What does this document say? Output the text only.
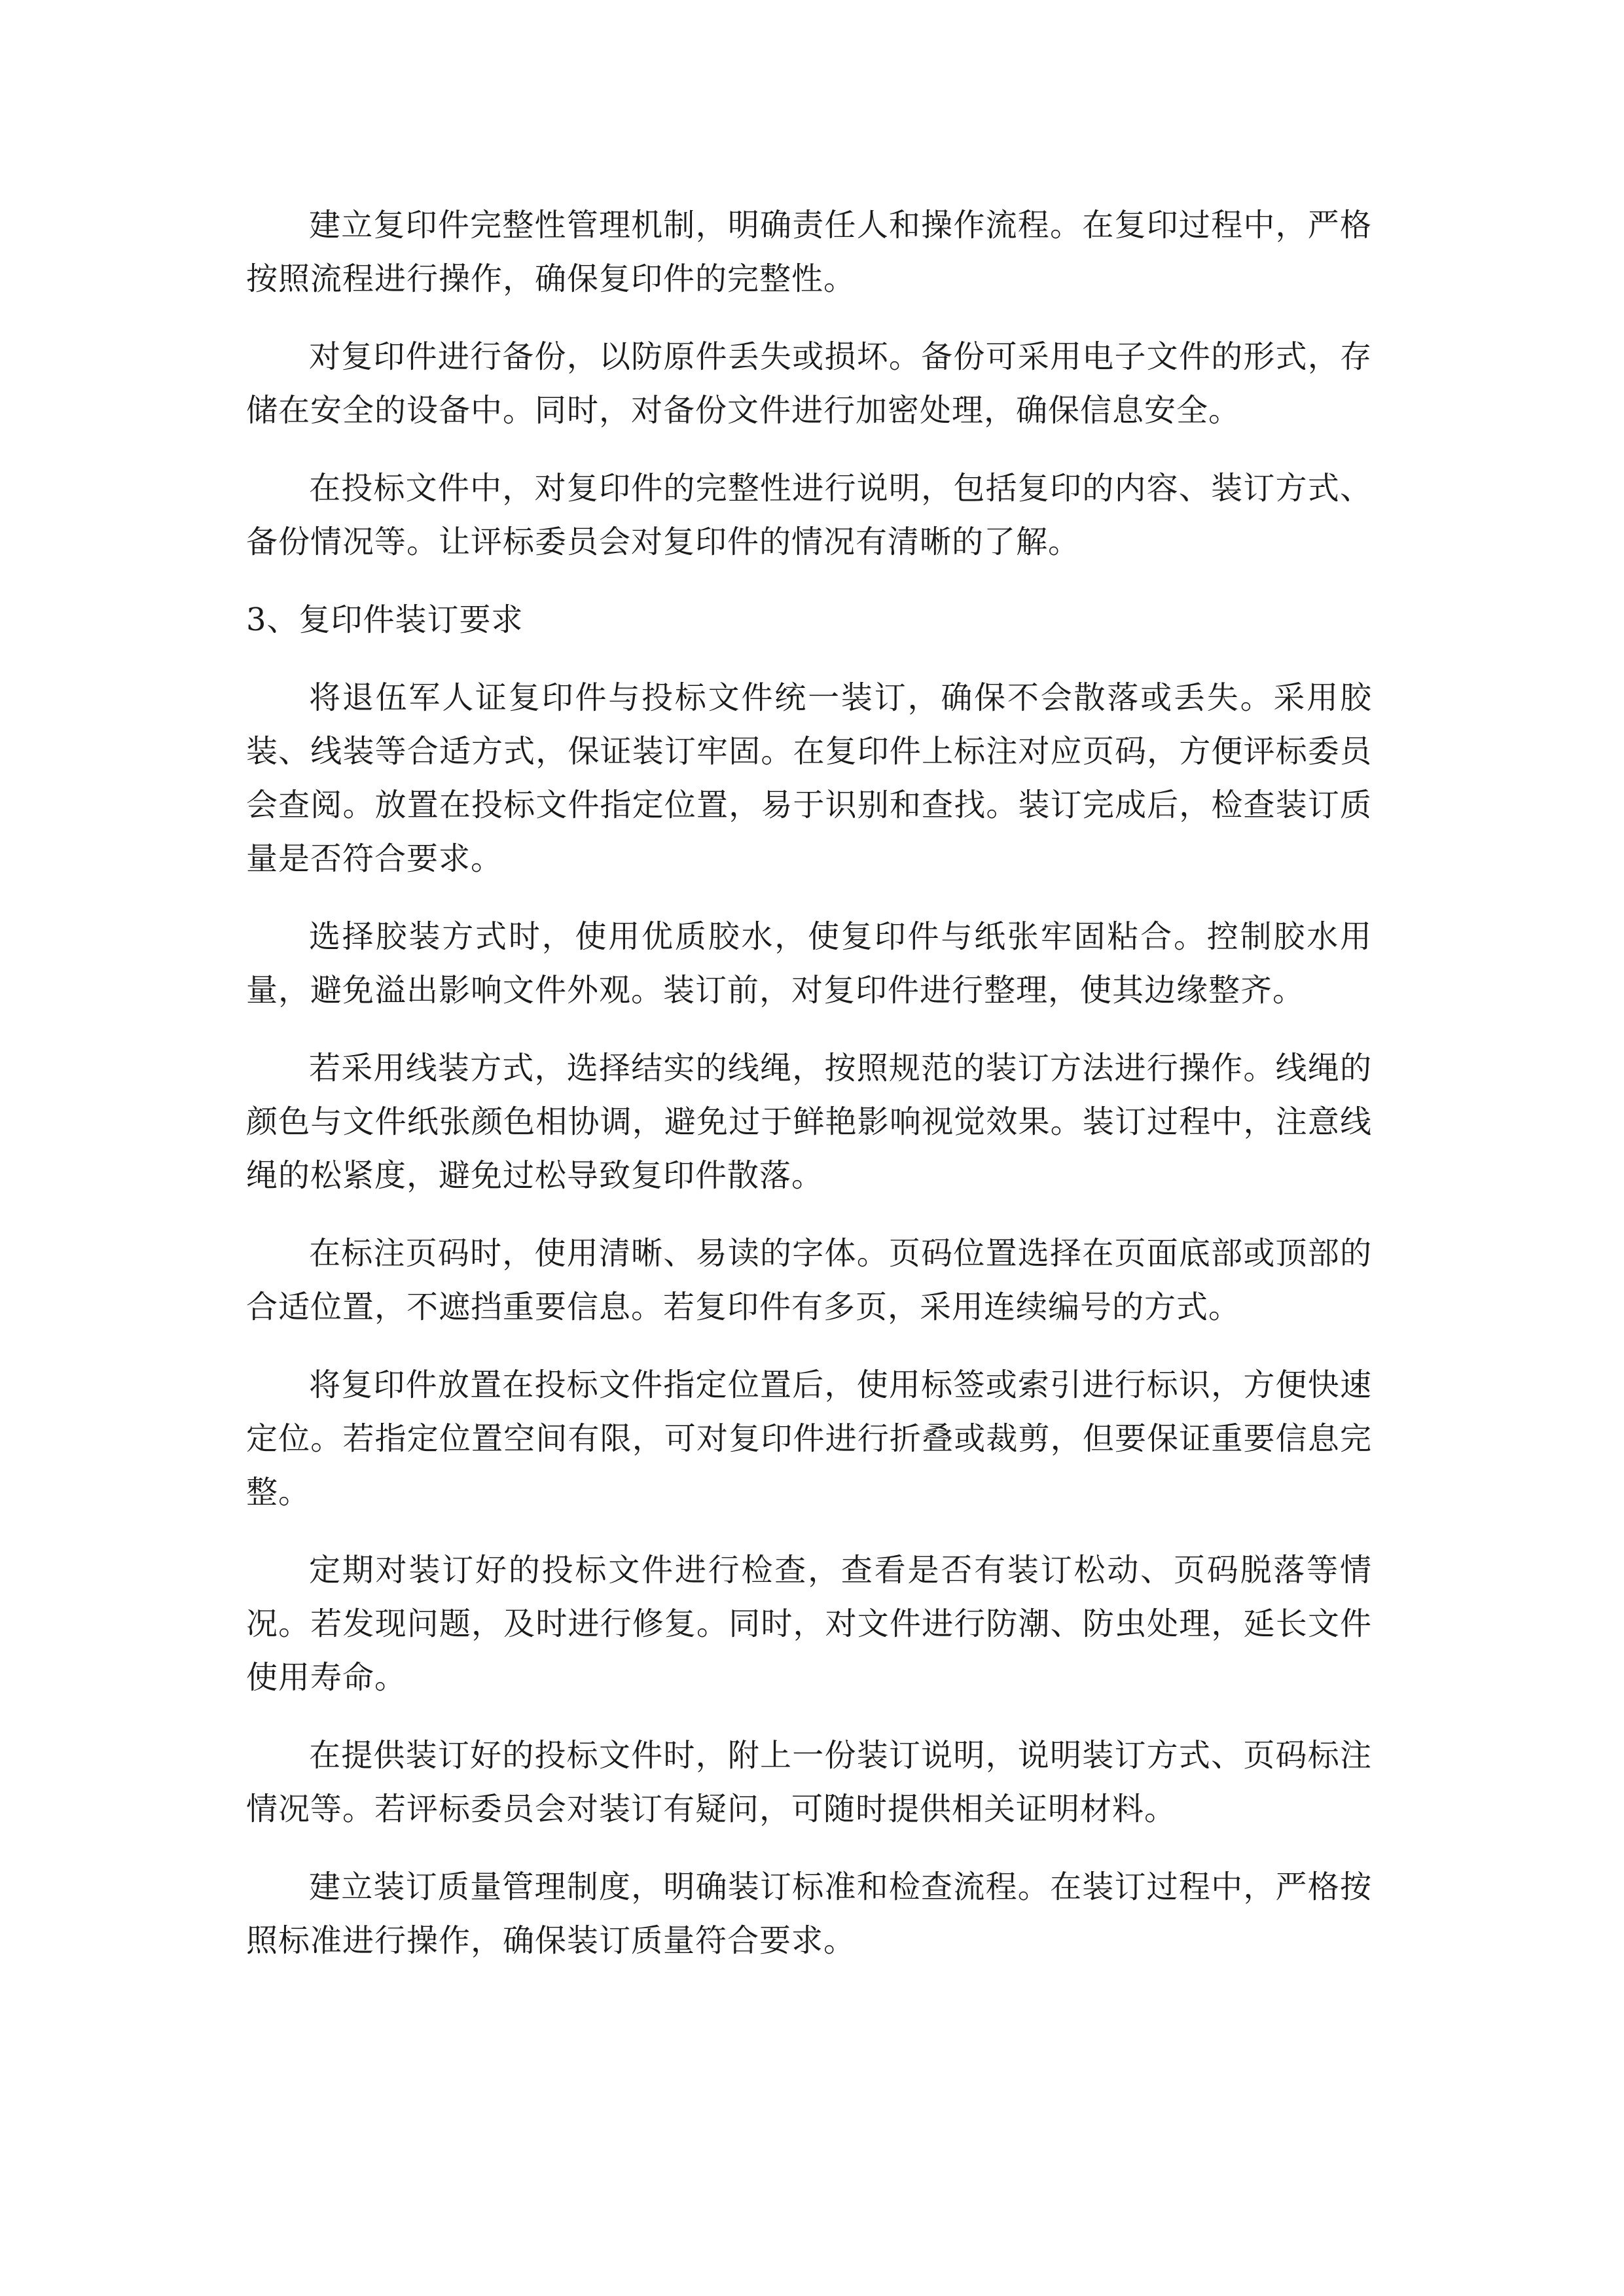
建立复印件完整性管理机制，明确责任人和操作流程。在复印过程中，严格按照流程进行操作，确保复印件的完整性。

对复印件进行备份，以防原件丢失或损坏。备份可采用电子文件的形式，存储在安全的设备中。同时，对备份文件进行加密处理，确保信息安全。

在投标文件中，对复印件的完整性进行说明，包括复印的内容、装订方式、备份情况等。让评标委员会对复印件的情况有清晰的了解。

3、复印件装订要求

将退伍军人证复印件与投标文件统一装订，确保不会散落或丢失。采用胶装、线装等合适方式，保证装订牢固。在复印件上标注对应页码，方便评标委员会查阅。放置在投标文件指定位置，易于识别和查找。装订完成后，检查装订质量是否符合要求。

选择胶装方式时，使用优质胶水，使复印件与纸张牢固粘合。控制胶水用量，避免溢出影响文件外观。装订前，对复印件进行整理，使其边缘整齐。

若采用线装方式，选择结实的线绳，按照规范的装订方法进行操作。线绳的颜色与文件纸张颜色相协调，避免过于鲜艳影响视觉效果。装订过程中，注意线绳的松紧度，避免过松导致复印件散落。

在标注页码时，使用清晰、易读的字体。页码位置选择在页面底部或顶部的合适位置，不遮挡重要信息。若复印件有多页，采用连续编号的方式。

将复印件放置在投标文件指定位置后，使用标签或索引进行标识，方便快速定位。若指定位置空间有限，可对复印件进行折叠或裁剪，但要保证重要信息完整。

定期对装订好的投标文件进行检查，查看是否有装订松动、页码脱落等情况。若发现问题，及时进行修复。同时，对文件进行防潮、防虫处理，延长文件使用寿命。

在提供装订好的投标文件时，附上一份装订说明，说明装订方式、页码标注情况等。若评标委员会对装订有疑问，可随时提供相关证明材料。

建立装订质量管理制度，明确装订标准和检查流程。在装订过程中，严格按照标准进行操作，确保装订质量符合要求。
